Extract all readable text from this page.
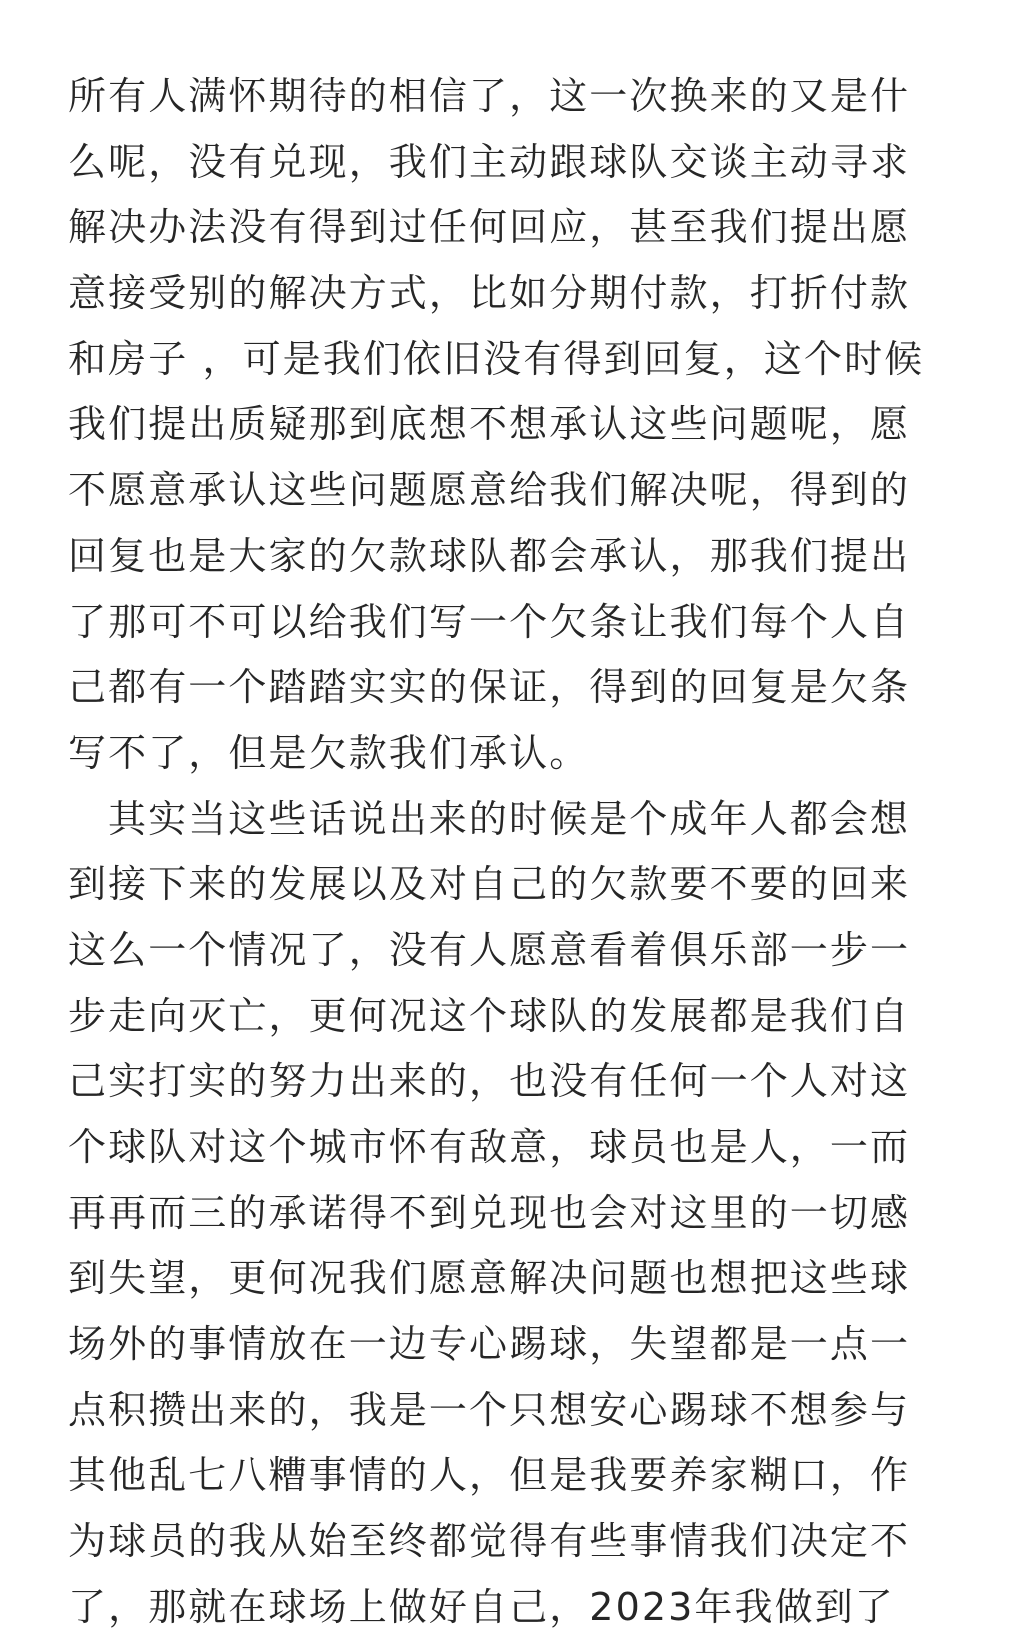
所有人满怀期待的相信了，这一次换来的又是什
么呢，没有兑现，我们主动跟球队交谈主动寻求
解决办法没有得到过任何回应，甚至我们提出愿
意接受别的解决方式，比如分期付款，打折付款
和房子 ，可是我们依旧没有得到回复，这个时候
我们提出质疑那到底想不想承认这些问题呢，愿
不愿意承认这些问题愿意给我们解决呢，得到的
回复也是大家的欠款球队都会承认，那我们提出
了那可不可以给我们写一个欠条让我们每个人自
己都有一个踏踏实实的保证，得到的回复是欠条
写不了，但是欠款我们承认。
其实当这些话说出来的时候是个成年人都会想
到接下来的发展以及对自己的欠款要不要的回来
这么一个情况了，没有人愿意看着俱乐部一步一
步走向灭亡，更何况这个球队的发展都是我们自
己实打实的努力出来的，也没有任何一个人对这
个球队对这个城市怀有敌意，球员也是人，一而
再再而三的承诺得不到兑现也会对这里的一切感
到失望，更何况我们愿意解决问题也想把这些球
场外的事情放在一边专心踢球，失望都是一点一
点积攒出来的，我是一个只想安心踢球不想参与
其他乱七八糟事情的人，但是我要养家糊口，作
为球员的我从始至终都觉得有些事情我们决定不
了，那就在球场上做好自己，2023年我做到了
